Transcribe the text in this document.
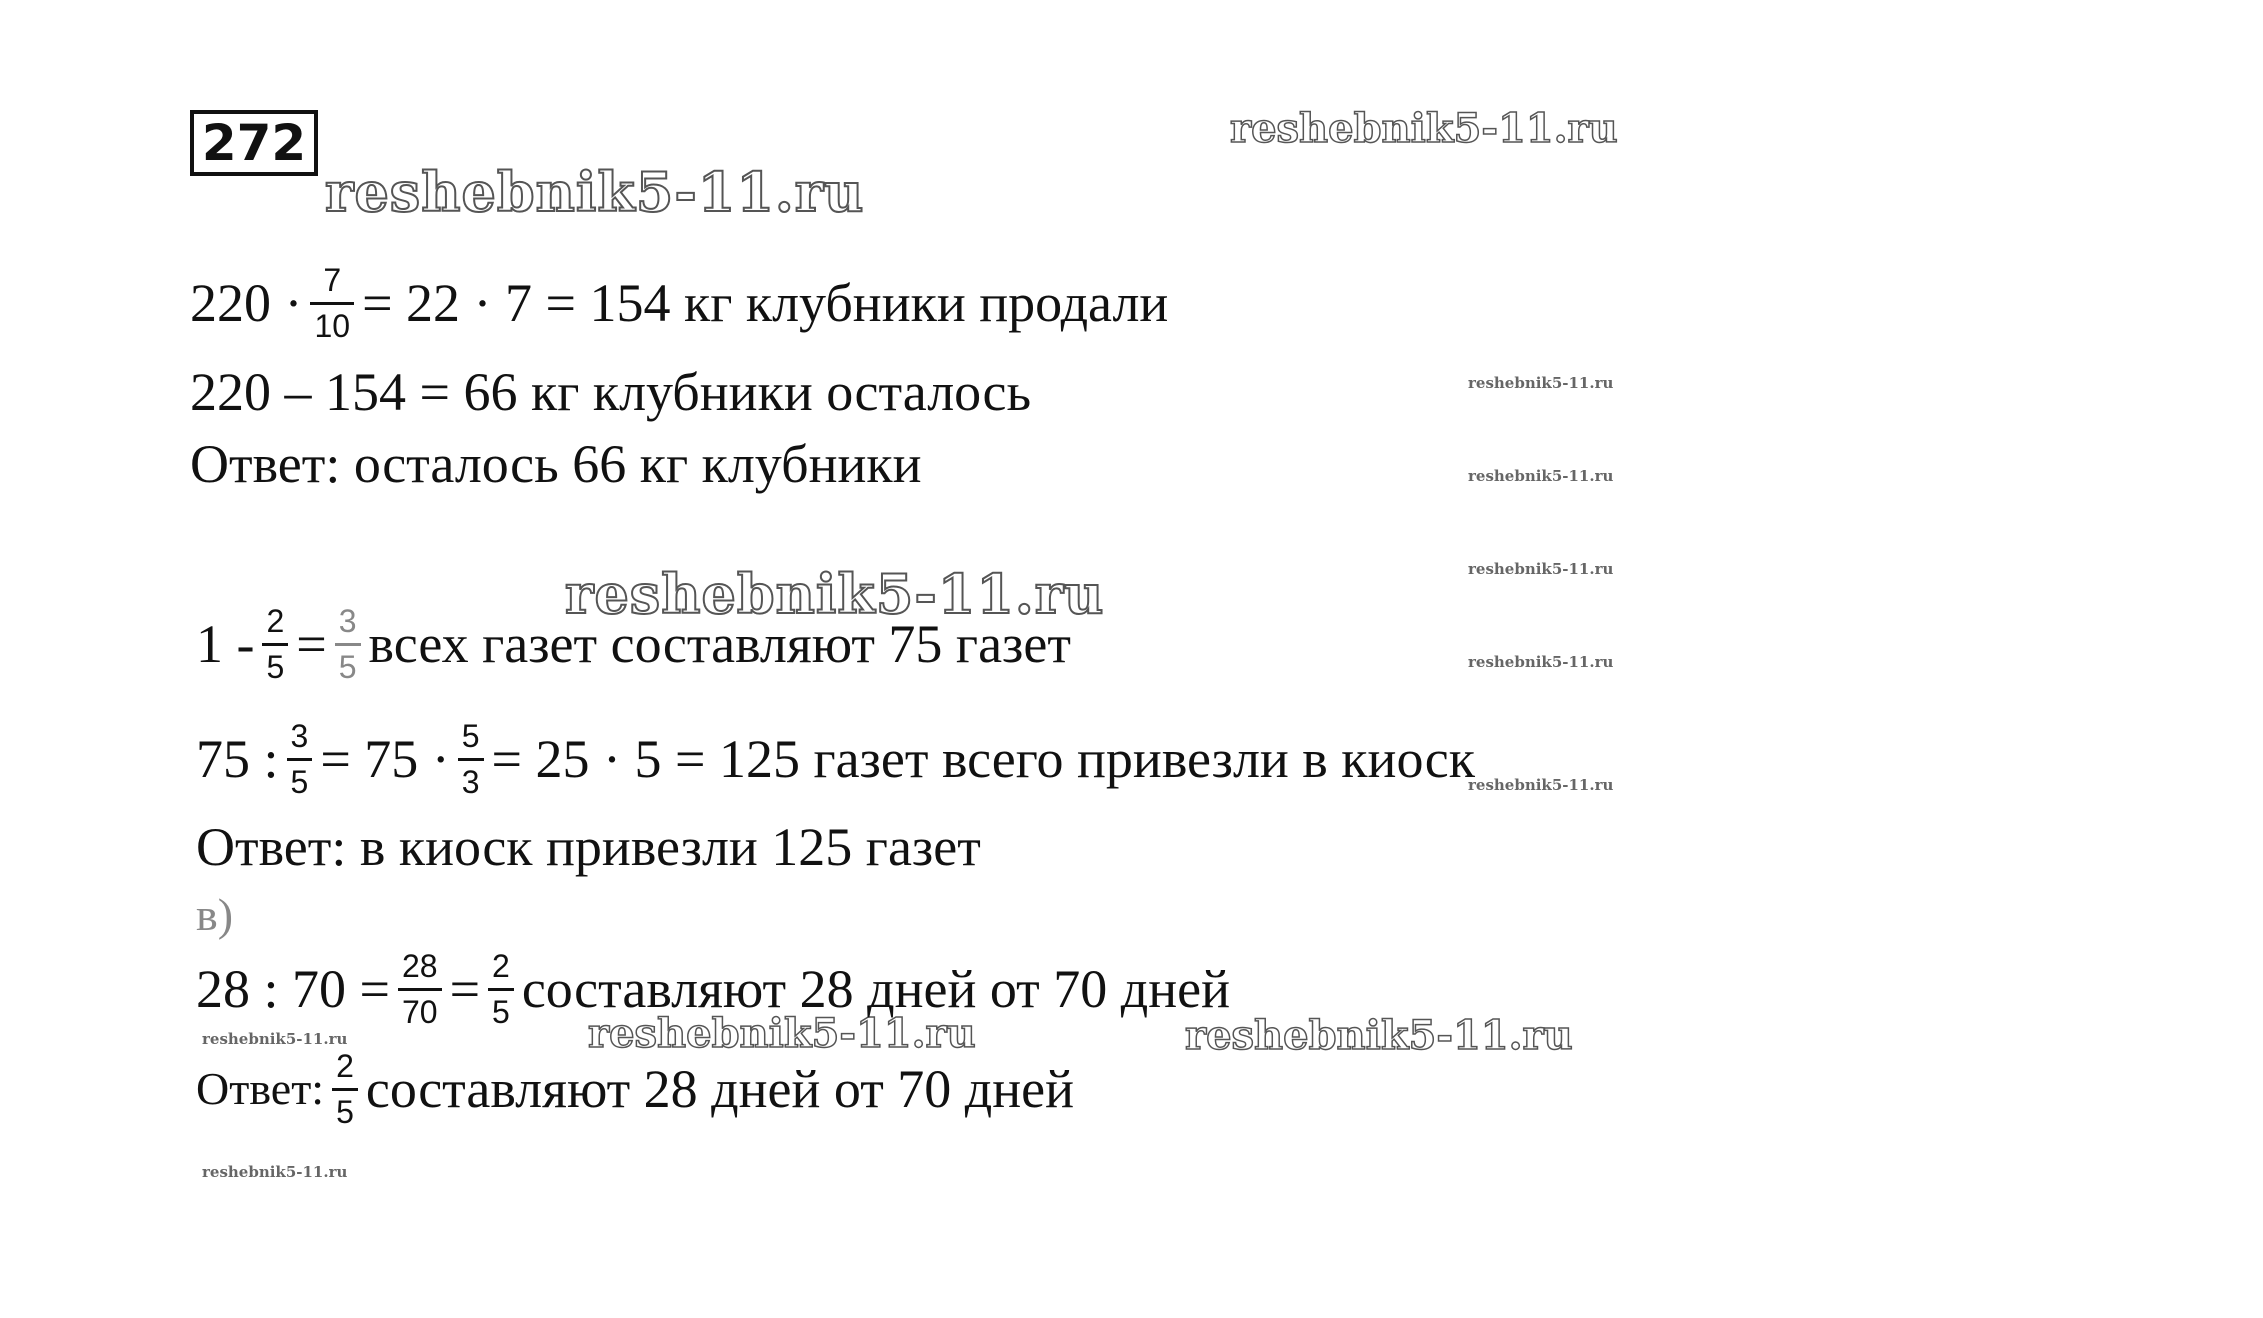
272
reshebnik5-11.ru
reshebnik5-11.ru
reshebnik5-11.ru
reshebnik5-11.ru	reshebnik5-11.ru
reshebnik5-11.ru
reshebnik5-11.ru
reshebnik5-11.ru
reshebnik5-11.ru
reshebnik5-11.ru
reshebnik5-11.ru
reshebnik5-11.ru
$220 \cdot \frac{7}{10} = 22 \cdot 7 = 154$ кг клубники продали
220 – 154 = 66 кг клубники осталось
Ответ: осталось 66 кг клубники
$1 - \frac{2}{5} = \frac{3}{5}$ всех газет составляют 75 газет
75 : $\frac{3}{5} = 75 \cdot \frac{5}{3} = 25 \cdot 5 = 125$ газет всего привезли в киоск
Ответ: в киоск привезли 125 газет
в)
28 : $70 = \frac{28}{70} = \frac{2}{5}$ составляют 28 дней от 70 дней
Ответ: $\frac{2}{5}$ составляют 28 дней от 70 дней
